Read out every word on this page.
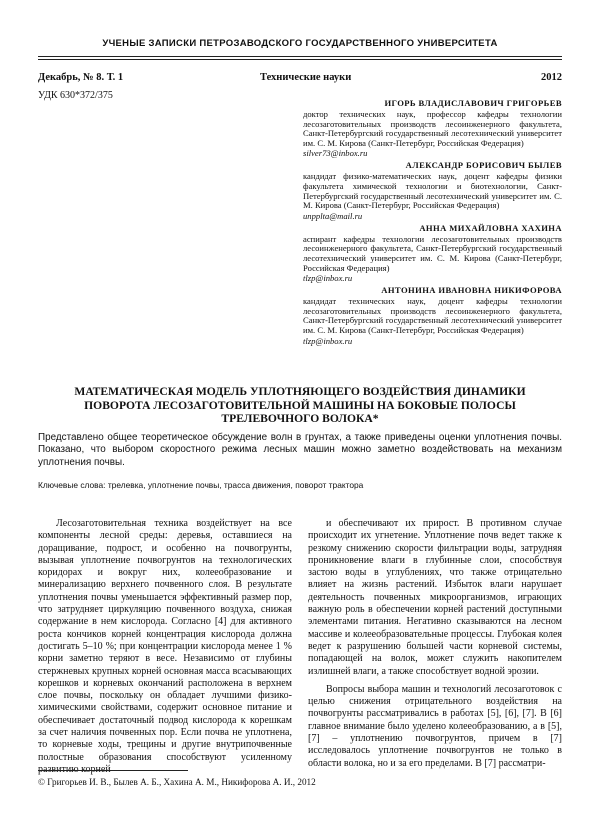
УЧЕНЫЕ ЗАПИСКИ ПЕТРОЗАВОДСКОГО ГОСУДАРСТВЕННОГО УНИВЕРСИТЕТА
Декабрь, № 8. Т. 1	Технические науки	2012
УДК 630*372/375
ИГОРЬ ВЛАДИСЛАВОВИЧ ГРИГОРЬЕВ
доктор технических наук, профессор кафедры технологии лесозаготовительных производств лесоинженерного факультета, Санкт-Петербургский государственный лесотехнический университет им. С. М. Кирова (Санкт-Петербург, Российская Федерация)
silver73@inbox.ru
АЛЕКСАНДР БОРИСОВИЧ БЫЛЕВ
кандидат физико-математических наук, доцент кафедры физики факультета химической технологии и биотехнологии, Санкт-Петербургский государственный лесотехнический университет им. С. М. Кирова (Санкт-Петербург, Российская Федерация)
unpplta@mail.ru
АННА МИХАЙЛОВНА ХАХИНА
аспирант кафедры технологии лесозаготовительных производств лесоинженерного факультета, Санкт-Петербургский государственный лесотехнический университет им. С. М. Кирова (Санкт-Петербург, Российская Федерация)
tlzp@inbox.ru
АНТОНИНА ИВАНОВНА НИКИФОРОВА
кандидат технических наук, доцент кафедры технологии лесозаготовительных производств лесоинженерного факультета, Санкт-Петербургский государственный лесотехнический университет им. С. М. Кирова (Санкт-Петербург, Российская Федерация)
tlzp@inbox.ru
МАТЕМАТИЧЕСКАЯ МОДЕЛЬ УПЛОТНЯЮЩЕГО ВОЗДЕЙСТВИЯ ДИНАМИКИ ПОВОРОТА ЛЕСОЗАГОТОВИТЕЛЬНОЙ МАШИНЫ НА БОКОВЫЕ ПОЛОСЫ ТРЕЛЕВОЧНОГО ВОЛОКА*
Представлено общее теоретическое обсуждение волн в грунтах, а также приведены оценки уплотнения почвы. Показано, что выбором скоростного режима лесных машин можно заметно воздействовать на механизм уплотнения почвы.
Ключевые слова: трелевка, уплотнение почвы, трасса движения, поворот трактора

Лесозаготовительная техника воздействует на все компоненты лесной среды: деревья, оставшиеся на доращивание, подрост, и особенно на почвогрунты, вызывая уплотнение почвогрунтов на технологических коридорах и вокруг них, колееобразование и минерализацию верхнего почвенного слоя. В результате уплотнения почвы уменьшается эффективный размер пор, что затрудняет циркуляцию почвенного воздуха, снижая содержание в нем кислорода. Согласно [4] для активного роста кончиков корней концентрация кислорода должна достигать 5–10 %; при концентрации кислорода менее 1 % корни заметно теряют в весе. Независимо от глубины стержневых крупных корней основная масса всасывающих корешков и корневых окончаний расположена в верхнем слое почвы, поскольку он обладает лучшими физико-химическими свойствами, содержит основное питание и обеспечивает достаточный подвод кислорода к корешкам за счет наличия почвенных пор. Если почва не уплотнена, то корневые ходы, трещины и другие внутрипочвенные полостные образования способствуют усиленному развитию корней

и обеспечивают их прирост. В противном случае происходит их угнетение. Уплотнение почв ведет также к резкому снижению скорости фильтрации воды, затрудняя проникновение влаги в глубинные слои, способствуя застою воды в углублениях, что также отрицательно влияет на жизнь растений. Избыток влаги нарушает деятельность почвенных микроорганизмов, играющих важную роль в обеспечении корней растений доступными элементами питания. Негативно сказываются на лесном массиве и колееобразовательные процессы. Глубокая колея ведет к разрушению большей части корневой системы, попадающей на волок, может служить накопителем излишней влаги, а также способствует водной эрозии.

Вопросы выбора машин и технологий лесозаготовок с целью снижения отрицательного воздействия на почвогрунты рассматривались в работах [5], [6], [7]. В [6] главное внимание было уделено колееобразованию, а в [5], [7] – уплотнению почвогрунтов, причем в [7] исследовалось уплотнение почвогрунтов не только в области волока, но и за его пределами. В [7] рассматри-

© Григорьев И. В., Былев А. Б., Хахина А. М., Никифорова А. И., 2012
